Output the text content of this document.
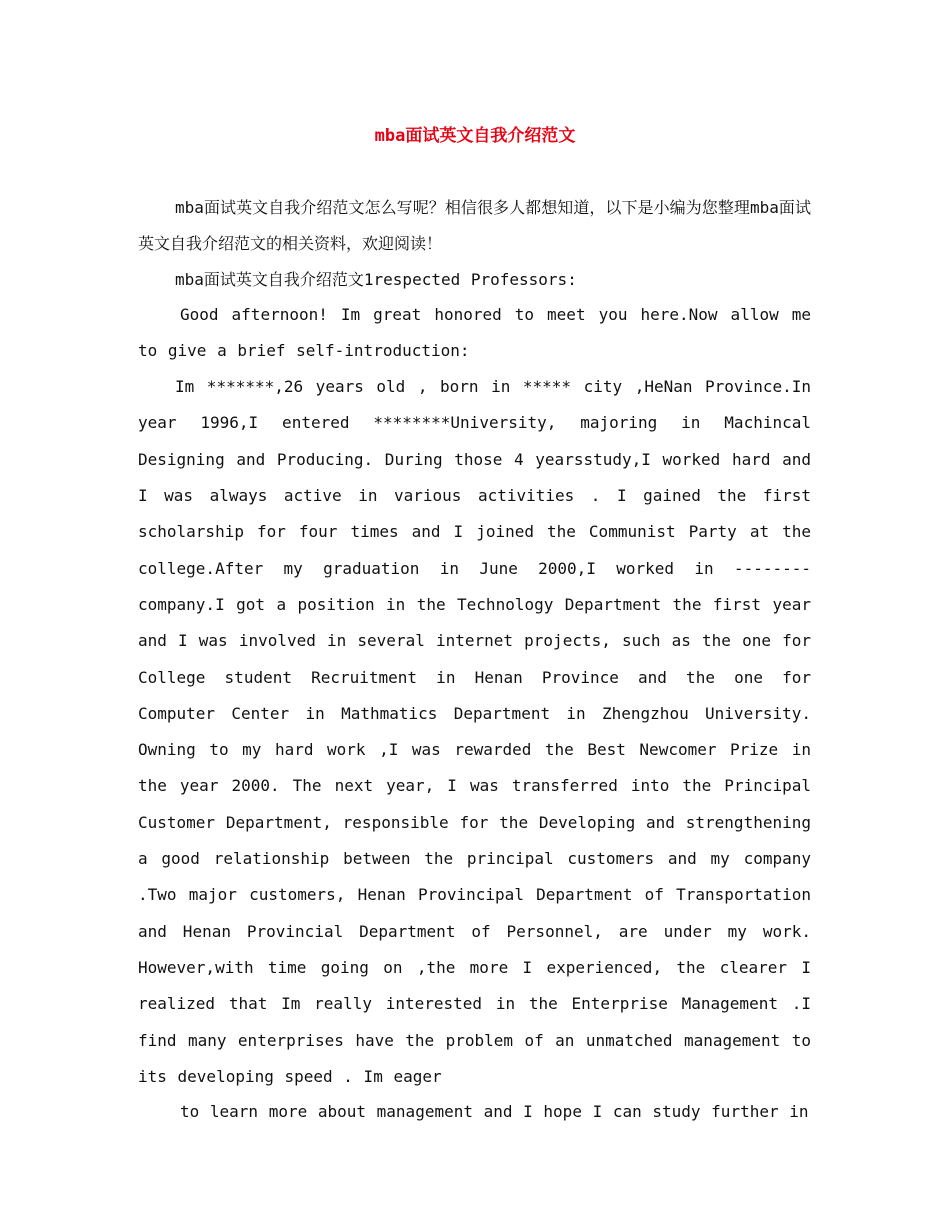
mba面试英文自我介绍范文

mba面试英文自我介绍范文怎么写呢？相信很多人都想知道，以下是小编为您整理mba面试英文自我介绍范文的相关资料，欢迎阅读！

mba面试英文自我介绍范文1respected Professors:

Good afternoon! Im great honored to meet you here.Now allow me to give a brief self-introduction:

Im *******,26 years old , born in ***** city ,HeNan Province.In year 1996,I entered ********University, majoring in Machincal Designing and Producing. During those 4 yearsstudy,I worked hard and I was always active in various activities . I gained the first scholarship for four times and I joined the Communist Party at the college.After my graduation in June 2000,I worked in --------company.I got a position in the Technology Department the first year and I was involved in several internet projects, such as the one for College student Recruitment in Henan Province and the one for Computer Center in Mathmatics Department in Zhengzhou University. Owning to my hard work ,I was rewarded the Best Newcomer Prize in the year 2000. The next year, I was transferred into the Principal Customer Department, responsible for the Developing and strengthening a good relationship between the principal customers and my company .Two major customers, Henan Provincipal Department of Transportation and Henan Provincial Department of Personnel, are under my work. However,with time going on ,the more I experienced, the clearer I realized that Im really interested in the Enterprise Management .I find many enterprises have the problem of an unmatched management to its developing speed . Im eager

to learn more about management and I hope I can study further in
